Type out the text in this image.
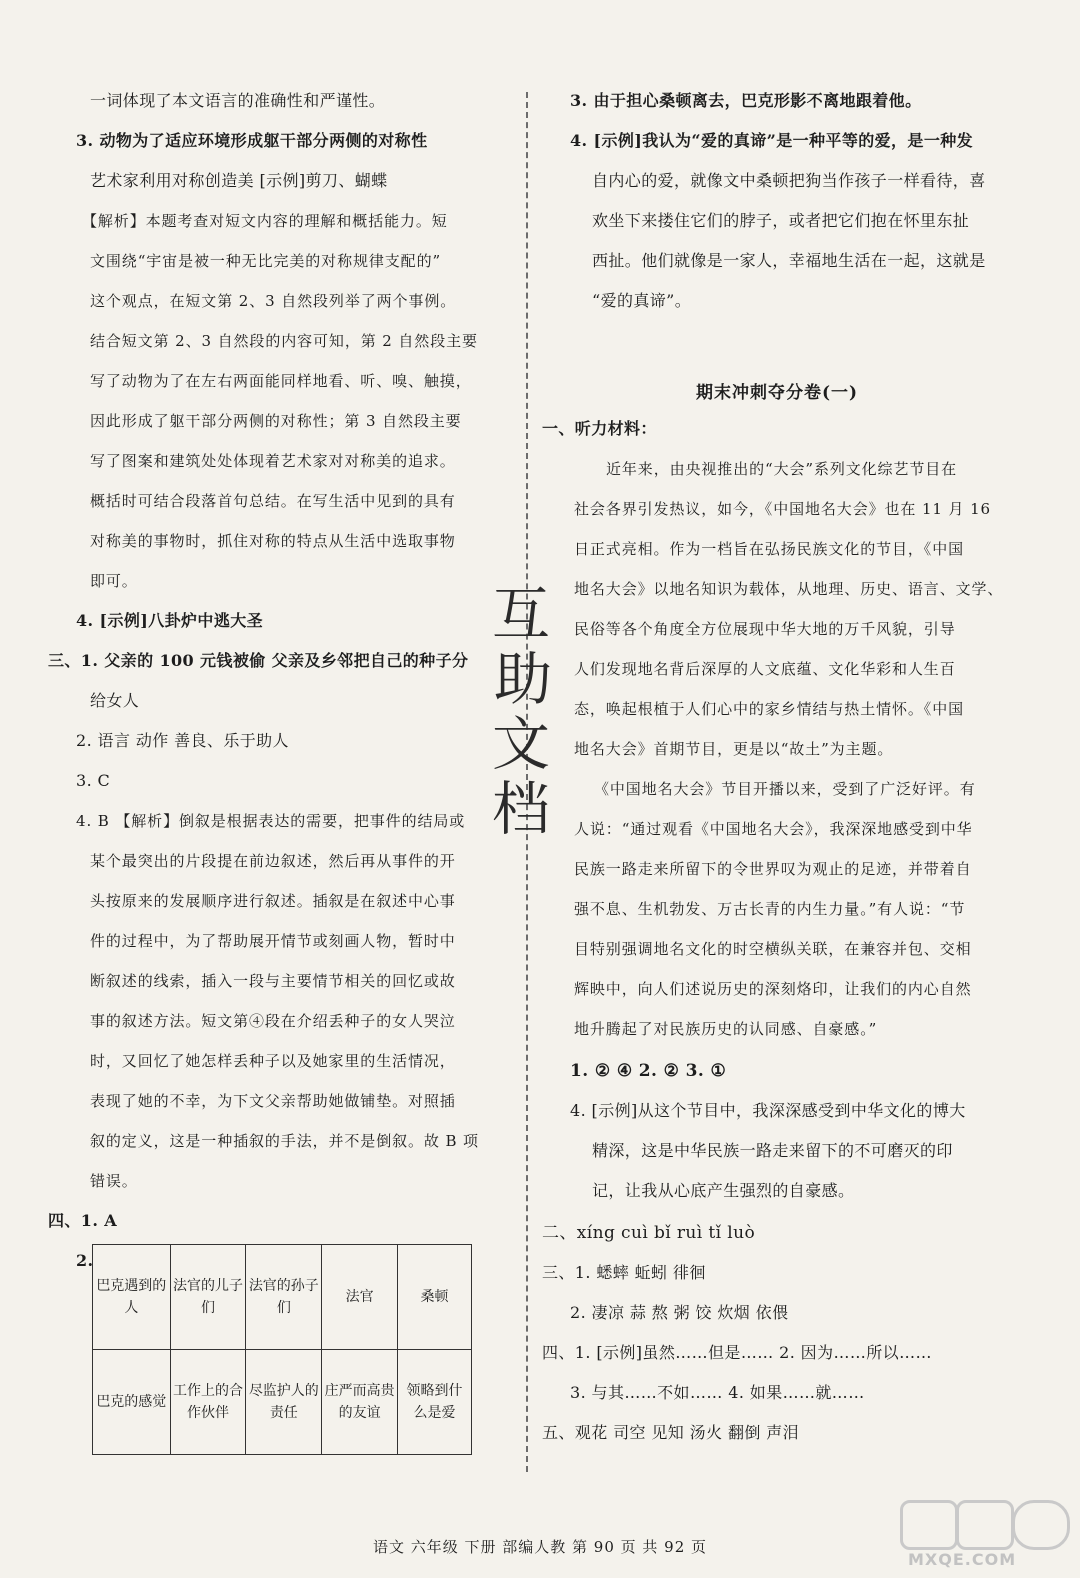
一词体现了本文语言的准确性和严谨性。
3. 动物为了适应环境形成躯干部分两侧的对称性
艺术家利用对称创造美 [示例]剪刀、蝴蝶
【解析】本题考查对短文内容的理解和概括能力。短
文围绕“宇宙是被一种无比完美的对称规律支配的”
这个观点，在短文第 2、3 自然段列举了两个事例。
结合短文第 2、3 自然段的内容可知，第 2 自然段主要
写了动物为了在左右两面能同样地看、听、嗅、触摸，
因此形成了躯干部分两侧的对称性；第 3 自然段主要
写了图案和建筑处处体现着艺术家对对称美的追求。
概括时可结合段落首句总结。在写生活中见到的具有
对称美的事物时，抓住对称的特点从生活中选取事物
即可。
4. [示例]八卦炉中逃大圣
三、1. 父亲的 100 元钱被偷 父亲及乡邻把自己的种子分
给女人
2. 语言 动作 善良、乐于助人
3. C
4. B 【解析】倒叙是根据表达的需要，把事件的结局或
某个最突出的片段提在前边叙述，然后再从事件的开
头按原来的发展顺序进行叙述。插叙是在叙述中心事
件的过程中，为了帮助展开情节或刻画人物，暂时中
断叙述的线索，插入一段与主要情节相关的回忆或故
事的叙述方法。短文第④段在介绍丢种子的女人哭泣
时，又回忆了她怎样丢种子以及她家里的生活情况，
表现了她的不幸，为下文父亲帮助她做铺垫。对照插
叙的定义，这是一种插叙的手法，并不是倒叙。故 B 项
错误。
四、1. A
2.
巴克遇到的人	法官的儿子们	法官的孙子们	法官	桑顿
巴克的感觉	工作上的合作伙伴	尽监护人的责任	庄严而高贵的友谊	领略到什么是爱
互
助
文
档
3. 由于担心桑顿离去，巴克形影不离地跟着他。
4. [示例]我认为“爱的真谛”是一种平等的爱，是一种发
自内心的爱，就像文中桑顿把狗当作孩子一样看待，喜
欢坐下来搂住它们的脖子，或者把它们抱在怀里东扯
西扯。他们就像是一家人，幸福地生活在一起，这就是
“爱的真谛”。
期末冲刺夺分卷(一)
一、听力材料：
近年来，由央视推出的“大会”系列文化综艺节目在
社会各界引发热议，如今，《中国地名大会》也在 11 月 16
日正式亮相。作为一档旨在弘扬民族文化的节目，《中国
地名大会》以地名知识为载体，从地理、历史、语言、文学、
民俗等各个角度全方位展现中华大地的万千风貌，引导
人们发现地名背后深厚的人文底蕴、文化华彩和人生百
态，唤起根植于人们心中的家乡情结与热土情怀。《中国
地名大会》首期节目，更是以“故土”为主题。
《中国地名大会》节目开播以来，受到了广泛好评。有
人说：“通过观看《中国地名大会》，我深深地感受到中华
民族一路走来所留下的令世界叹为观止的足迹，并带着自
强不息、生机勃发、万古长青的内生力量。”有人说：“节
目特别强调地名文化的时空横纵关联，在兼容并包、交相
辉映中，向人们述说历史的深刻烙印，让我们的内心自然
地升腾起了对民族历史的认同感、自豪感。”
1. ② ④ 2. ② 3. ①
4. [示例]从这个节目中，我深深感受到中华文化的博大
精深，这是中华民族一路走来留下的不可磨灭的印
记，让我从心底产生强烈的自豪感。
二、xíng cuì bǐ ruì tǐ luò
三、1. 蟋蟀 蚯蚓 徘徊
2. 凄凉 蒜 熬 粥 饺 炊烟 依偎
四、1. [示例]虽然……但是…… 2. 因为……所以……
3. 与其……不如…… 4. 如果……就……
五、观花 司空 见知 汤火 翻倒 声泪
语文 六年级 下册 部编人教 第 90 页 共 92 页
MXQE.COM
